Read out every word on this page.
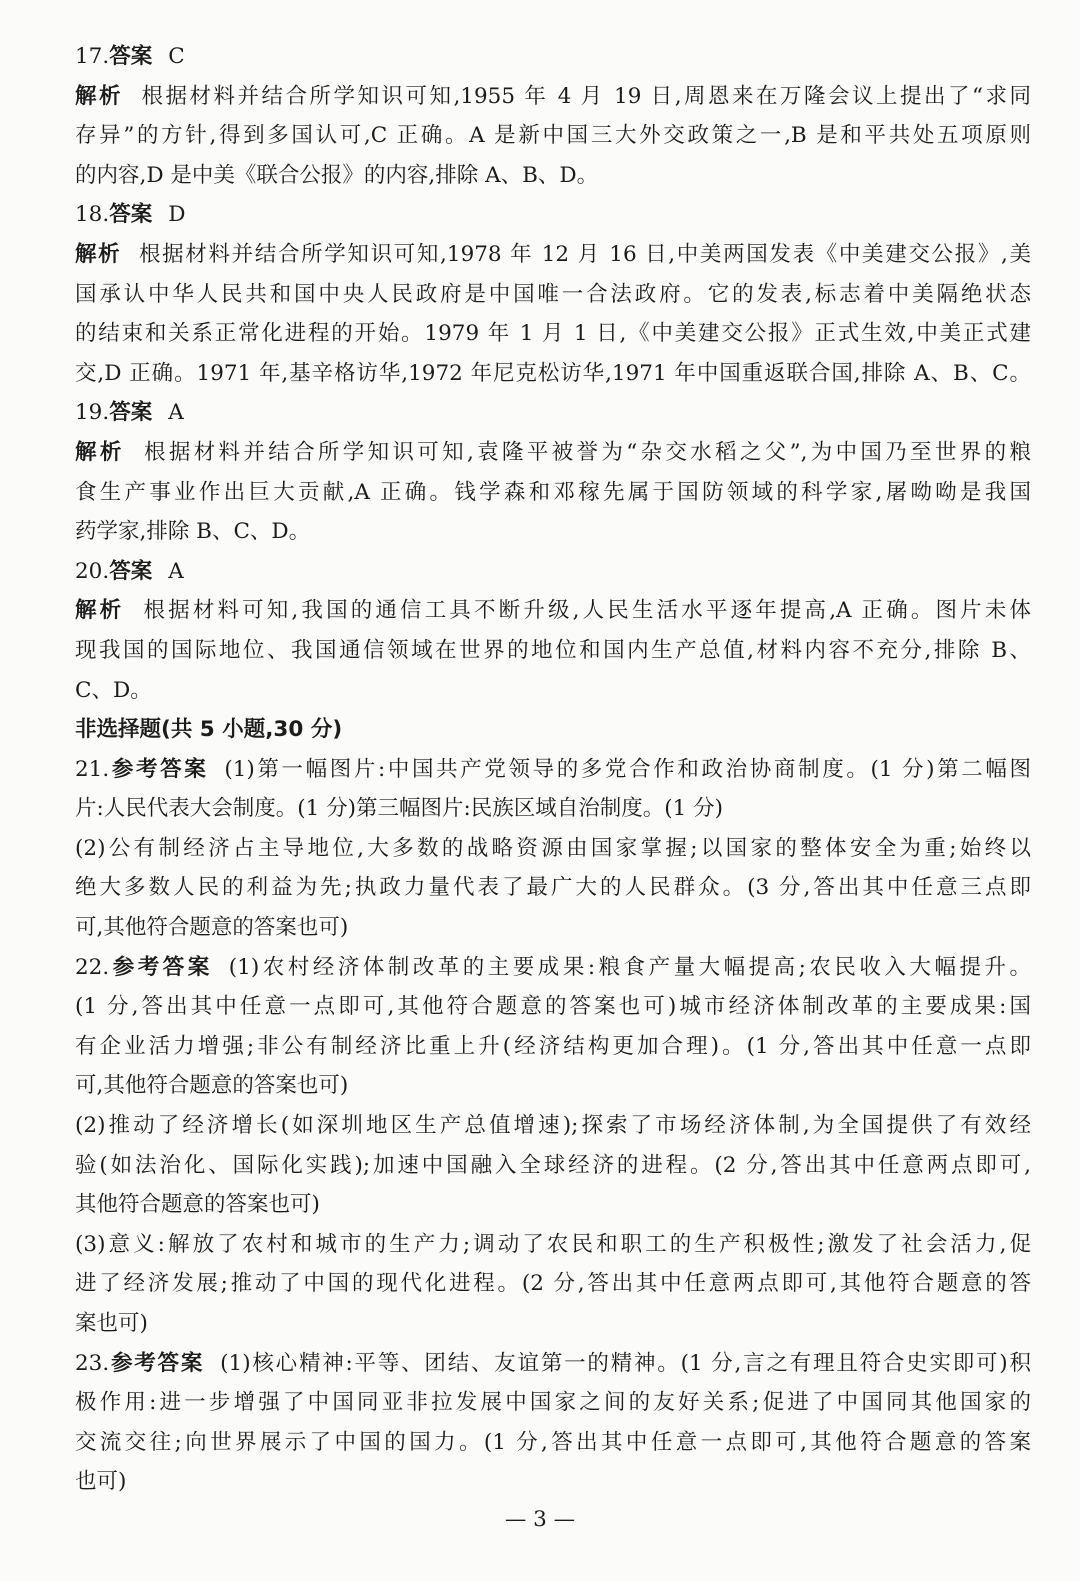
17.答案 C
解析 根据材料并结合所学知识可知,1955 年 4 月 19 日,周恩来在万隆会议上提出了“求同
存异”的方针,得到多国认可,C 正确。A 是新中国三大外交政策之一,B 是和平共处五项原则
的内容,D 是中美《联合公报》的内容,排除 A、B、D。
18.答案 D
解析 根据材料并结合所学知识可知,1978 年 12 月 16 日,中美两国发表《中美建交公报》,美
国承认中华人民共和国中央人民政府是中国唯一合法政府。它的发表,标志着中美隔绝状态
的结束和关系正常化进程的开始。1979 年 1 月 1 日,《中美建交公报》正式生效,中美正式建
交,D 正确。1971 年,基辛格访华,1972 年尼克松访华,1971 年中国重返联合国,排除 A、B、C。
19.答案 A
解析 根据材料并结合所学知识可知,袁隆平被誉为“杂交水稻之父”,为中国乃至世界的粮
食生产事业作出巨大贡献,A 正确。钱学森和邓稼先属于国防领域的科学家,屠呦呦是我国
药学家,排除 B、C、D。
20.答案 A
解析 根据材料可知,我国的通信工具不断升级,人民生活水平逐年提高,A 正确。图片未体
现我国的国际地位、我国通信领域在世界的地位和国内生产总值,材料内容不充分,排除 B、
C、D。
非选择题(共 5 小题,30 分)
21.参考答案 (1)第一幅图片:中国共产党领导的多党合作和政治协商制度。(1 分)第二幅图
片:人民代表大会制度。(1 分)第三幅图片:民族区域自治制度。(1 分)
(2)公有制经济占主导地位,大多数的战略资源由国家掌握;以国家的整体安全为重;始终以
绝大多数人民的利益为先;执政力量代表了最广大的人民群众。(3 分,答出其中任意三点即
可,其他符合题意的答案也可)
22.参考答案 (1)农村经济体制改革的主要成果:粮食产量大幅提高;农民收入大幅提升。
(1 分,答出其中任意一点即可,其他符合题意的答案也可)城市经济体制改革的主要成果:国
有企业活力增强;非公有制经济比重上升(经济结构更加合理)。(1 分,答出其中任意一点即
可,其他符合题意的答案也可)
(2)推动了经济增长(如深圳地区生产总值增速);探索了市场经济体制,为全国提供了有效经
验(如法治化、国际化实践);加速中国融入全球经济的进程。(2 分,答出其中任意两点即可,
其他符合题意的答案也可)
(3)意义:解放了农村和城市的生产力;调动了农民和职工的生产积极性;激发了社会活力,促
进了经济发展;推动了中国的现代化进程。(2 分,答出其中任意两点即可,其他符合题意的答
案也可)
23.参考答案 (1)核心精神:平等、团结、友谊第一的精神。(1 分,言之有理且符合史实即可)积
极作用:进一步增强了中国同亚非拉发展中国家之间的友好关系;促进了中国同其他国家的
交流交往;向世界展示了中国的国力。(1 分,答出其中任意一点即可,其他符合题意的答案
也可)
— 3 —
